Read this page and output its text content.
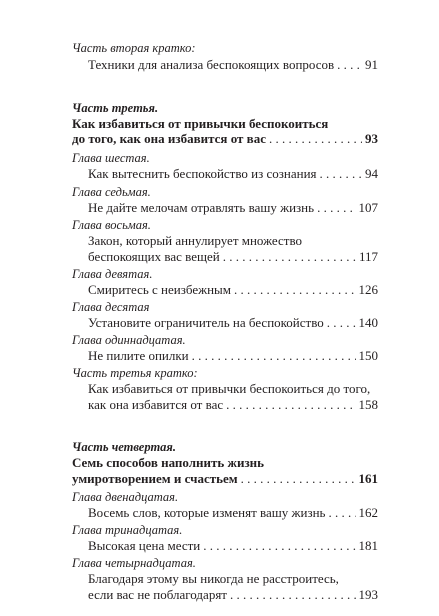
Часть вторая кратко:
Техники для анализа беспокоящих вопросов . . . 91
Часть третья.
Как избавиться от привычки беспокоиться
до того, как она избавится от вас . . .	93
Глава шестая.
Как вытеснить беспокойство из сознания . . .	94
Глава седьмая.
Не дайте мелочам отравлять вашу жизнь . . .	107
Глава восьмая.
Закон, который аннулирует множество
беспокоящих вас вещей . . .	117
Глава девятая.
Смиритесь с неизбежным . . .	126
Глава десятая
Установите ограничитель на беспокойство . . .	140
Глава одиннадцатая.
Не пилите опилки . . .	150
Часть третья кратко:
Как избавиться от привычки беспокоиться до того,
как она избавится от вас . . .	158
Часть четвертая.
Семь способов наполнить жизнь
умиротворением и счастьем . . .	161
Глава двенадцатая.
Восемь слов, которые изменят вашу жизнь . . .	162
Глава тринадцатая.
Высокая цена мести . . .	181
Глава четырнадцатая.
Благодаря этому вы никогда не расстроитесь,
если вас не поблагодарят . . .	193
